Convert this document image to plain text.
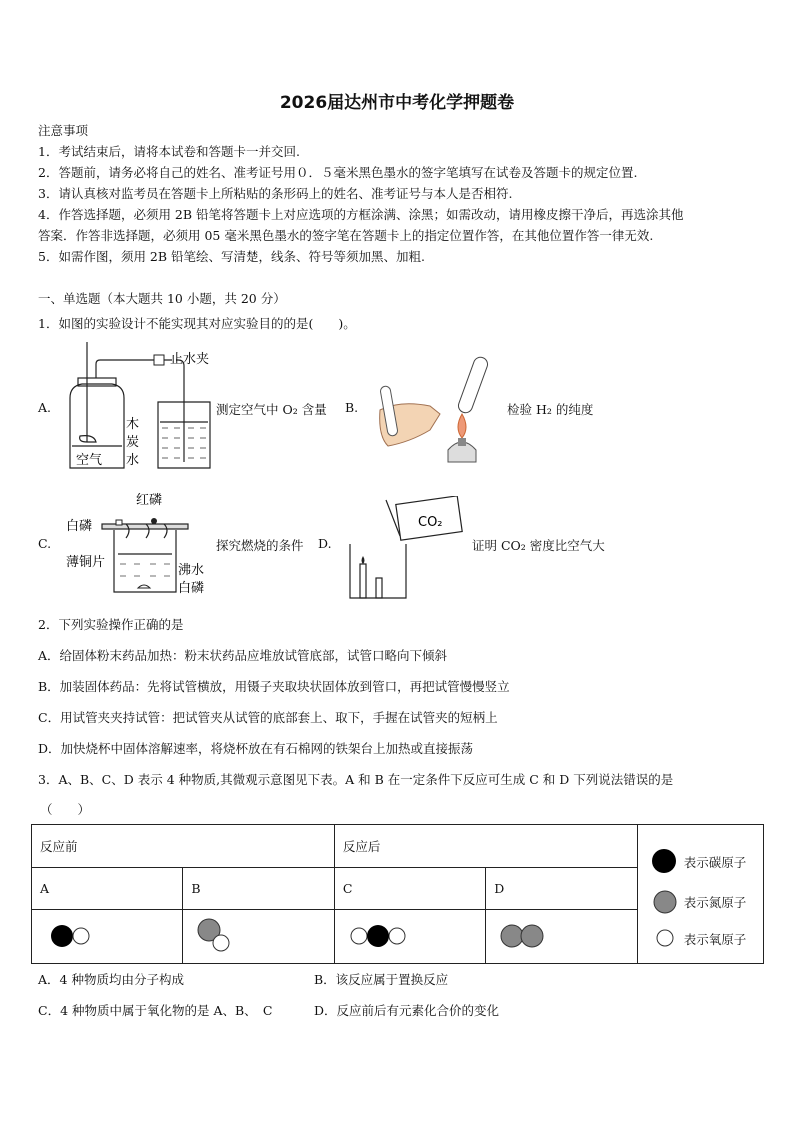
2026届达州市中考化学押题卷
注意事项
1．考试结束后，请将本试卷和答题卡一并交回.
2．答题前，请务必将自己的姓名、准考证号用０．５毫米黑色墨水的签字笔填写在试卷及答题卡的规定位置.
3．请认真核对监考员在答题卡上所粘贴的条形码上的姓名、准考证号与本人是否相符.
4．作答选择题，必须用 2B 铅笔将答题卡上对应选项的方框涂满、涂黑；如需改动，请用橡皮擦干净后，再选涂其他
答案．作答非选择题，必须用 05 毫米黑色墨水的签字笔在答题卡上的指定位置作答，在其他位置作答一律无效.
5．如需作图，须用 2B 铅笔绘、写清楚，线条、符号等须加黑、加粗.
一、单选题（本大题共 10 小题，共 20 分）
1．如图的实验设计不能实现其对应实验目的的是(　　)。
A.	测定空气中 O₂ 含量 B.	检验 H₂ 的纯度
C.	探究燃烧的条件 D.	证明 CO₂ 密度比空气大
止水夹
木
炭
水
空气
红磷
白磷
薄铜片
沸水
白磷
CO₂
2．下列实验操作正确的是
A．给固体粉末药品加热：粉末状药品应堆放试管底部，试管口略向下倾斜
B．加装固体药品：先将试管横放，用镊子夹取块状固体放到管口，再把试管慢慢竖立
C．用试管夹夹持试管：把试管夹从试管的底部套上、取下，手握在试管夹的短柄上
D．加快烧杯中固体溶解速率，将烧杯放在有石棉网的铁架台上加热或直接振荡
3．A、B、C、D 表示 4 种物质,其微观示意图见下表。A 和 B 在一定条件下反应可生成 C 和 D 下列说法错误的是
（　　）
反应前		反应后		表示碳原子
表示氮原子
表示氧原子

A	B	C	D	

A．4 种物质均由分子构成	B．该反应属于置换反应
C．4 种物质中属于氧化物的是 A、B、　C	D．反应前后有元素化合价的变化
